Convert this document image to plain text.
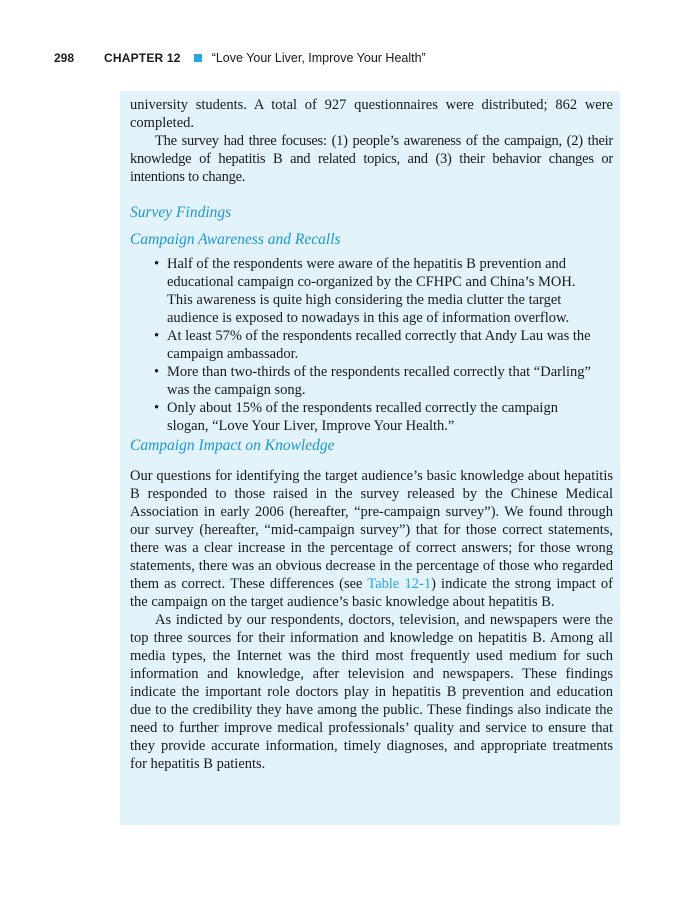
298 CHAPTER 12 “Love Your Liver, Improve Your Health”

university students. A total of 927 questionnaires were distributed; 862 were completed.

The survey had three focuses: (1) people’s awareness of the campaign, (2) their knowledge of hepatitis B and related topics, and (3) their behavior changes or intentions to change.

Survey Findings
Campaign Awareness and Recalls
• Half of the respondents were aware of the hepatitis B prevention and educational campaign co-organized by the CFHPC and China’s MOH. This awareness is quite high considering the media clutter the target audience is exposed to nowadays in this age of information overflow.
• At least 57% of the respondents recalled correctly that Andy Lau was the campaign ambassador.
• More than two-thirds of the respondents recalled correctly that “Darling” was the campaign song.
• Only about 15% of the respondents recalled correctly the campaign slogan, “Love Your Liver, Improve Your Health.”
Campaign Impact on Knowledge

Our questions for identifying the target audience’s basic knowledge about hepatitis B responded to those raised in the survey released by the Chinese Medical Association in early 2006 (hereafter, “pre-campaign survey”). We found through our survey (hereafter, “mid-campaign survey”) that for those correct statements, there was a clear increase in the percentage of correct answers; for those wrong statements, there was an obvious decrease in the percentage of those who regarded them as correct. These differences (see Table 12-1) indicate the strong impact of the campaign on the target audience’s basic knowledge about hepatitis B.

As indicted by our respondents, doctors, television, and newspapers were the top three sources for their information and knowledge on hepatitis B. Among all media types, the Internet was the third most frequently used medium for such information and knowledge, after television and newspapers. These findings indicate the important role doctors play in hepatitis B prevention and education due to the credibility they have among the public. These findings also indicate the need to further improve medical professionals’ quality and service to ensure that they provide accurate information, timely diagnoses, and appropriate treatments for hepatitis B patients.
